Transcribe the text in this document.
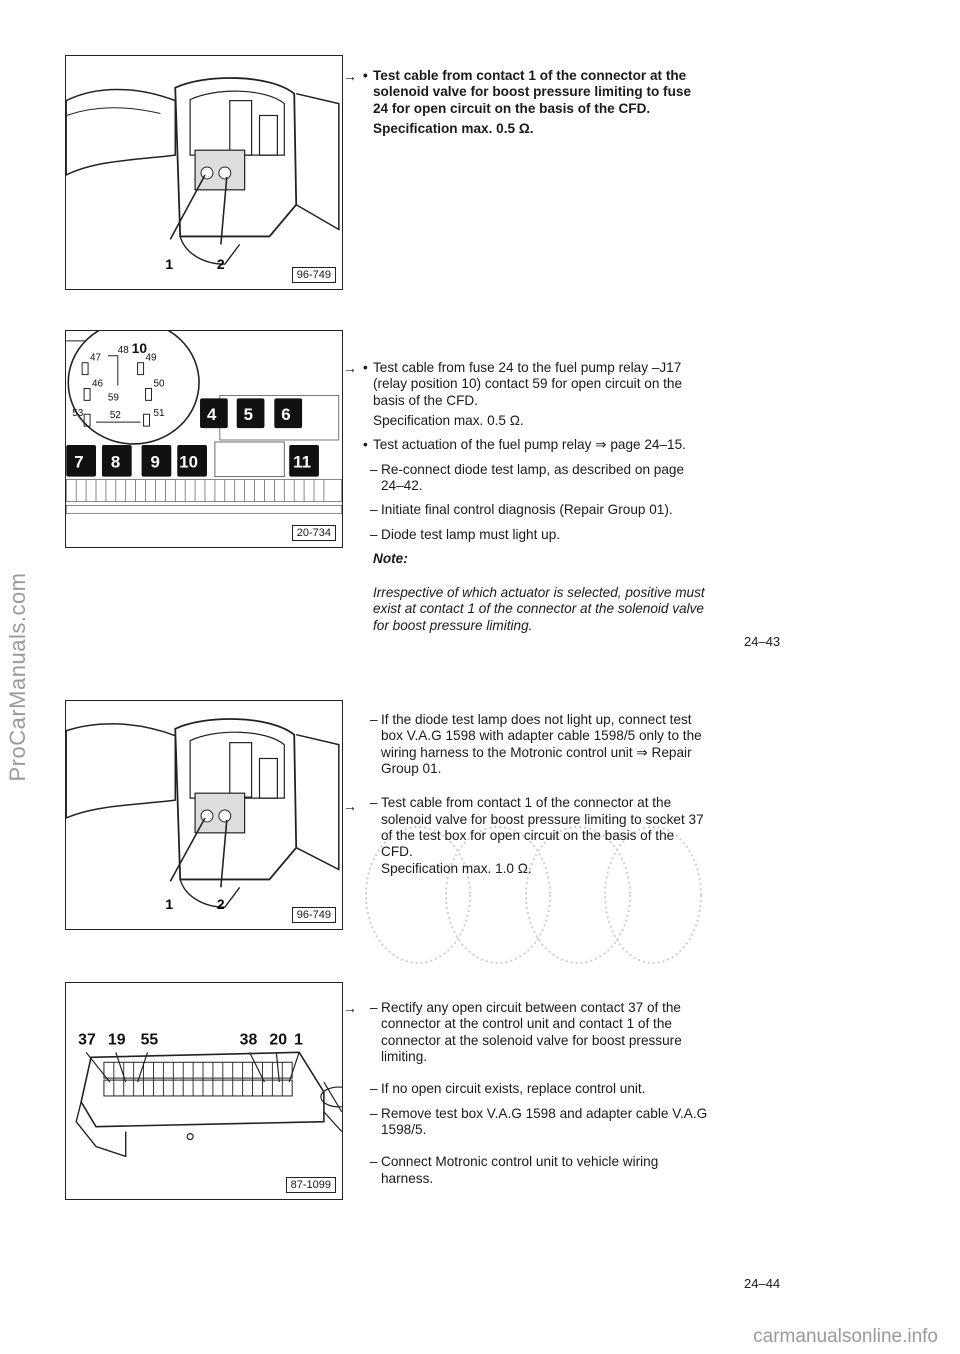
ProCarManuals.com
carmanualsonline.info
1	2
96-749
4 5 6
7 8 9 10	11
47
48
49
10
46
59
50
53	52	51
20-734
1	2
96-749
37 19 55	38 20 1
87-1099
→ • Test cable from contact 1 of the connector at the solenoid valve for boost pressure limiting to fuse 24 for open circuit on the basis of the CFD.
Specification max. 0.5 Ω.
→ • Test cable from fuse 24 to the fuel pump relay –J17 (relay position 10) contact 59 for open circuit on the basis of the CFD.
Specification max. 0.5 Ω.
• Test actuation of the fuel pump relay ⇒ page 24–15.
– Re-connect diode test lamp, as described on page 24–42.
– Initiate final control diagnosis (Repair Group 01).
– Diode test lamp must light up.
Note:
Irrespective of which actuator is selected, positive must exist at contact 1 of the connector at the solenoid valve for boost pressure limiting.
24–43
– If the diode test lamp does not light up, connect test box V.A.G 1598 with adapter cable 1598/5 only to the wiring harness to the Motronic control unit ⇒ Repair Group 01.
→ – Test cable from contact 1 of the connector at the solenoid valve for boost pressure limiting to socket 37 of the test box for open circuit on the basis of the CFD.
Specification max. 1.0 Ω.
→ – Rectify any open circuit between contact 37 of the connector at the control unit and contact 1 of the connector at the solenoid valve for boost pressure limiting.
– If no open circuit exists, replace control unit.
– Remove test box V.A.G 1598 and adapter cable V.A.G 1598/5.
– Connect Motronic control unit to vehicle wiring harness.
24–44
